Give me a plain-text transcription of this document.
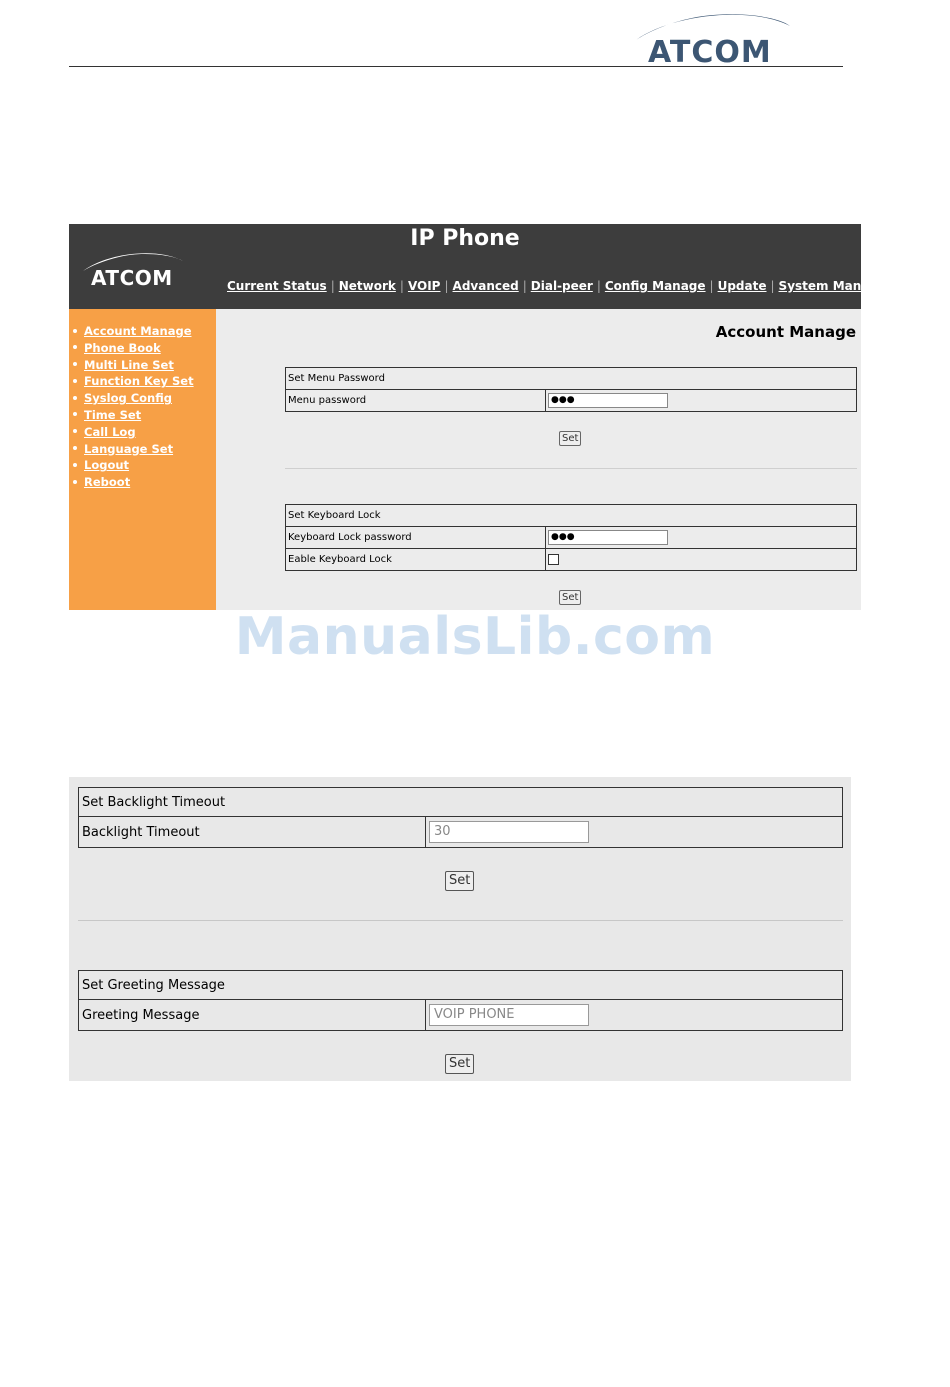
ATCOM
IP Phone
ATCOM	Current Status | Network | VOIP | Advanced | Dial-peer | Config Manage | Update | System Manage
Account Manage
Phone Book
Multi Line Set
Function Key Set
Syslog Config
Time Set
Call Log
Language Set
Logout
Reboot
Account Manage
Set Menu Password
Menu password	●●●
Set
Set Keyboard Lock	
Keyboard Lock password	●●●

Eable Keyboard Lock	
Set
ManualsLib.com
Set Backlight Timeout
Backlight Timeout	30
Set
Set Greeting Message
Greeting Message	VOIP PHONE
Set
